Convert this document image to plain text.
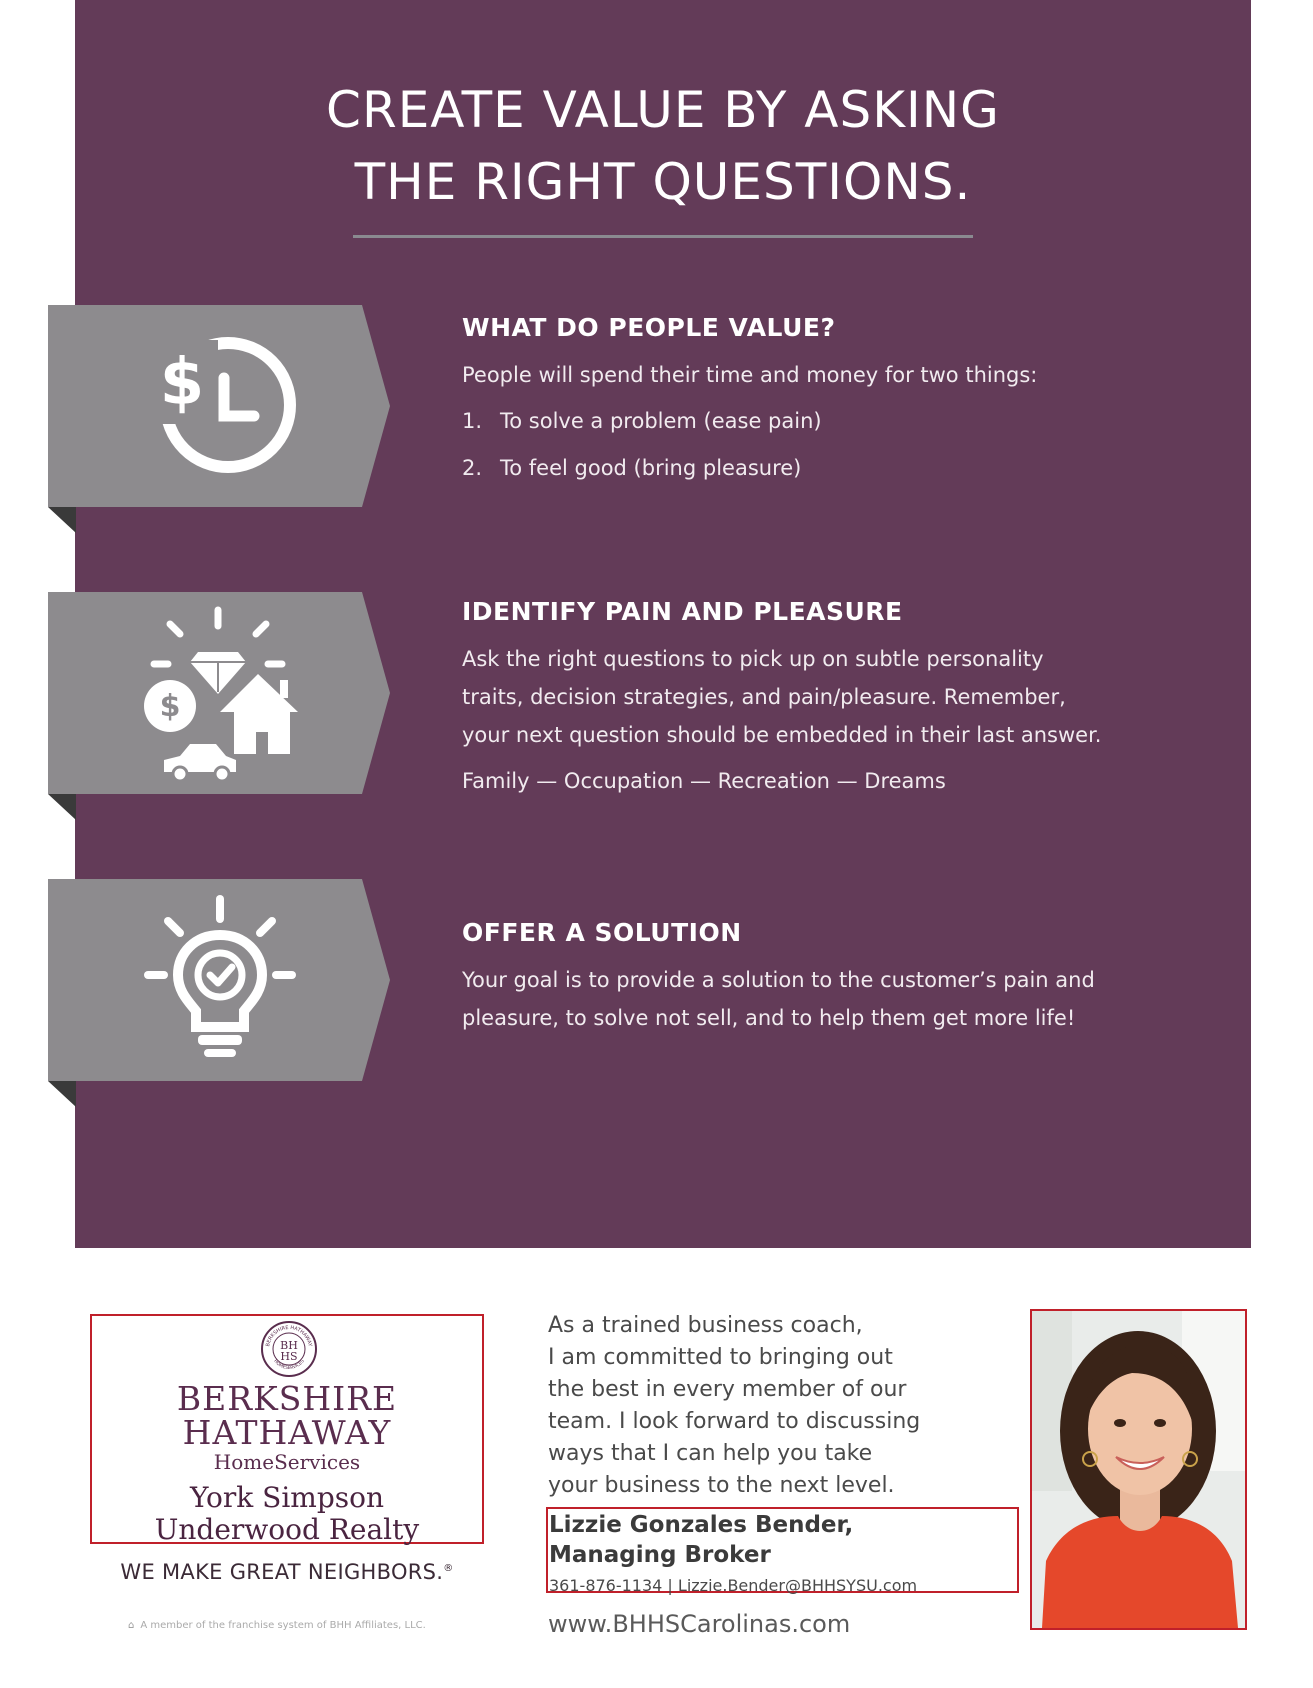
CREATE VALUE BY ASKING
THE RIGHT QUESTIONS.
$
$
WHAT DO PEOPLE VALUE?
People will spend their time and money for two things:
1. To solve a problem (ease pain)
2. To feel good (bring pleasure)
IDENTIFY PAIN AND PLEASURE
Ask the right questions to pick up on subtle personality
traits, decision strategies, and pain/pleasure. Remember,
your next question should be embedded in their last answer.
Family — Occupation — Recreation — Dreams
OFFER A SOLUTION
Your goal is to provide a solution to the customer’s pain and
pleasure, to solve not sell, and to help them get more life!
BERKSHIRE HATHAWAY
HOMESERVICES
BH
HS
BERKSHIRE
HATHAWAY
HomeServices
York Simpson
Underwood Realty
WE MAKE GREAT NEIGHBORS.®
⌂ A member of the franchise system of BHH Affiliates, LLC.
As a trained business coach,
I am committed to bringing out
the best in every member of our
team. I look forward to discussing
ways that I can help you take
your business to the next level.
Lizzie Gonzales Bender,
Managing Broker
361-876-1134 | Lizzie.Bender@BHHSYSU.com
www.BHHSCarolinas.com
